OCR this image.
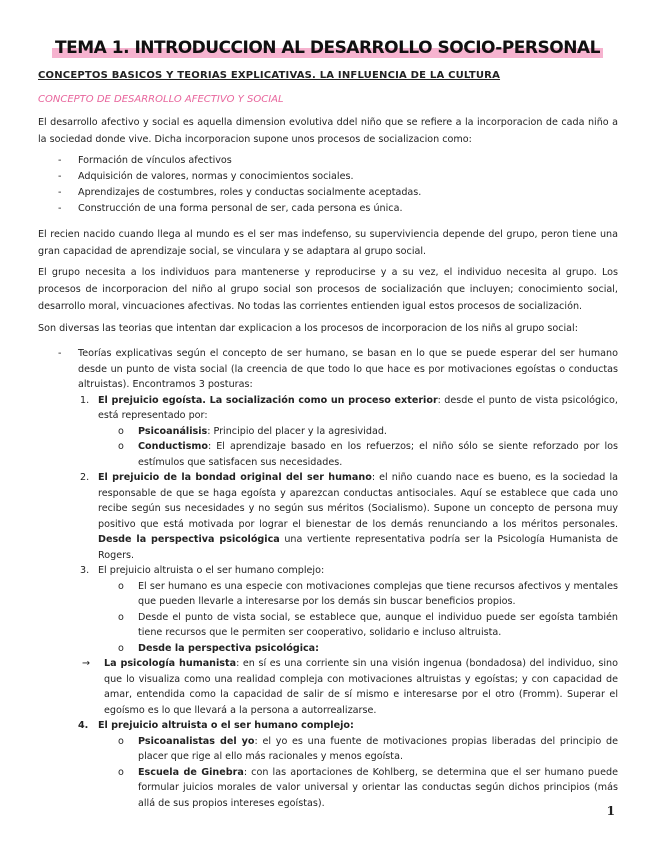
TEMA 1. INTRODUCCION AL DESARROLLO SOCIO-PERSONAL
CONCEPTOS BASICOS Y TEORIAS EXPLICATIVAS. LA INFLUENCIA DE LA CULTURA
CONCEPTO DE DESARROLLO AFECTIVO Y SOCIAL

El desarrollo afectivo y social es aquella dimension evolutiva ddel niño que se refiere a la incorporacion de cada niño a la sociedad donde vive. Dicha incorporacion supone unos procesos de socializacion como:

- Formación de vínculos afectivos
- Adquisición de valores, normas y conocimientos sociales.
- Aprendizajes de costumbres, roles y conductas socialmente aceptadas.
- Construcción de una forma personal de ser, cada persona es única.

El recien nacido cuando llega al mundo es el ser mas indefenso, su superviviencia depende del grupo, peron tiene una gran capacidad de aprendizaje social, se vinculara y se adaptara al grupo social.

El grupo necesita a los individuos para mantenerse y reproducirse y a su vez, el individuo necesita al grupo. Los procesos de incorporacion del niño al grupo social son procesos de socialización que incluyen; conocimiento social, desarrollo moral, vincuaciones afectivas. No todas las corrientes entienden igual estos procesos de socialización.

Son diversas las teorias que intentan dar explicacion a los procesos de incorporacion de los niñs al grupo social:

- Teorías explicativas según el concepto de ser humano, se basan en lo que se puede esperar del ser humano desde un punto de vista social (la creencia de que todo lo que hace es por motivaciones egoístas o conductas altruistas). Encontramos 3 posturas:
1. El prejuicio egoísta. La socialización como un proceso exterior: desde el punto de vista psicológico, está representado por:
o Psicoanálisis: Principio del placer y la agresividad.
o Conductismo: El aprendizaje basado en los refuerzos; el niño sólo se siente reforzado por los estímulos que satisfacen sus necesidades.
2. El prejuicio de la bondad original del ser humano: el niño cuando nace es bueno, es la sociedad la responsable de que se haga egoísta y aparezcan conductas antisociales. Aquí se establece que cada uno recibe según sus necesidades y no según sus méritos (Socialismo). Supone un concepto de persona muy positivo que está motivada por lograr el bienestar de los demás renunciando a los méritos personales. Desde la perspectiva psicológica una vertiente representativa podría ser la Psicología Humanista de Rogers.
3. El prejuicio altruista o el ser humano complejo:
o El ser humano es una especie con motivaciones complejas que tiene recursos afectivos y mentales que pueden llevarle a interesarse por los demás sin buscar beneficios propios.
o Desde el punto de vista social, se establece que, aunque el individuo puede ser egoísta también tiene recursos que le permiten ser cooperativo, solidario e incluso altruista.
o Desde la perspectiva psicológica:
→ La psicología humanista: en sí es una corriente sin una visión ingenua (bondadosa) del individuo, sino que lo visualiza como una realidad compleja con motivaciones altruistas y egoístas; y con capacidad de amar, entendida como la capacidad de salir de sí mismo e interesarse por el otro (Fromm). Superar el egoísmo es lo que llevará a la persona a autorrealizarse.
4. El prejuicio altruista o el ser humano complejo:
o Psicoanalistas del yo: el yo es una fuente de motivaciones propias liberadas del principio de placer que rige al ello más racionales y menos egoísta.
o Escuela de Ginebra: con las aportaciones de Kohlberg, se determina que el ser humano puede formular juicios morales de valor universal y orientar las conductas según dichos principios (más allá de sus propios intereses egoístas).
1
